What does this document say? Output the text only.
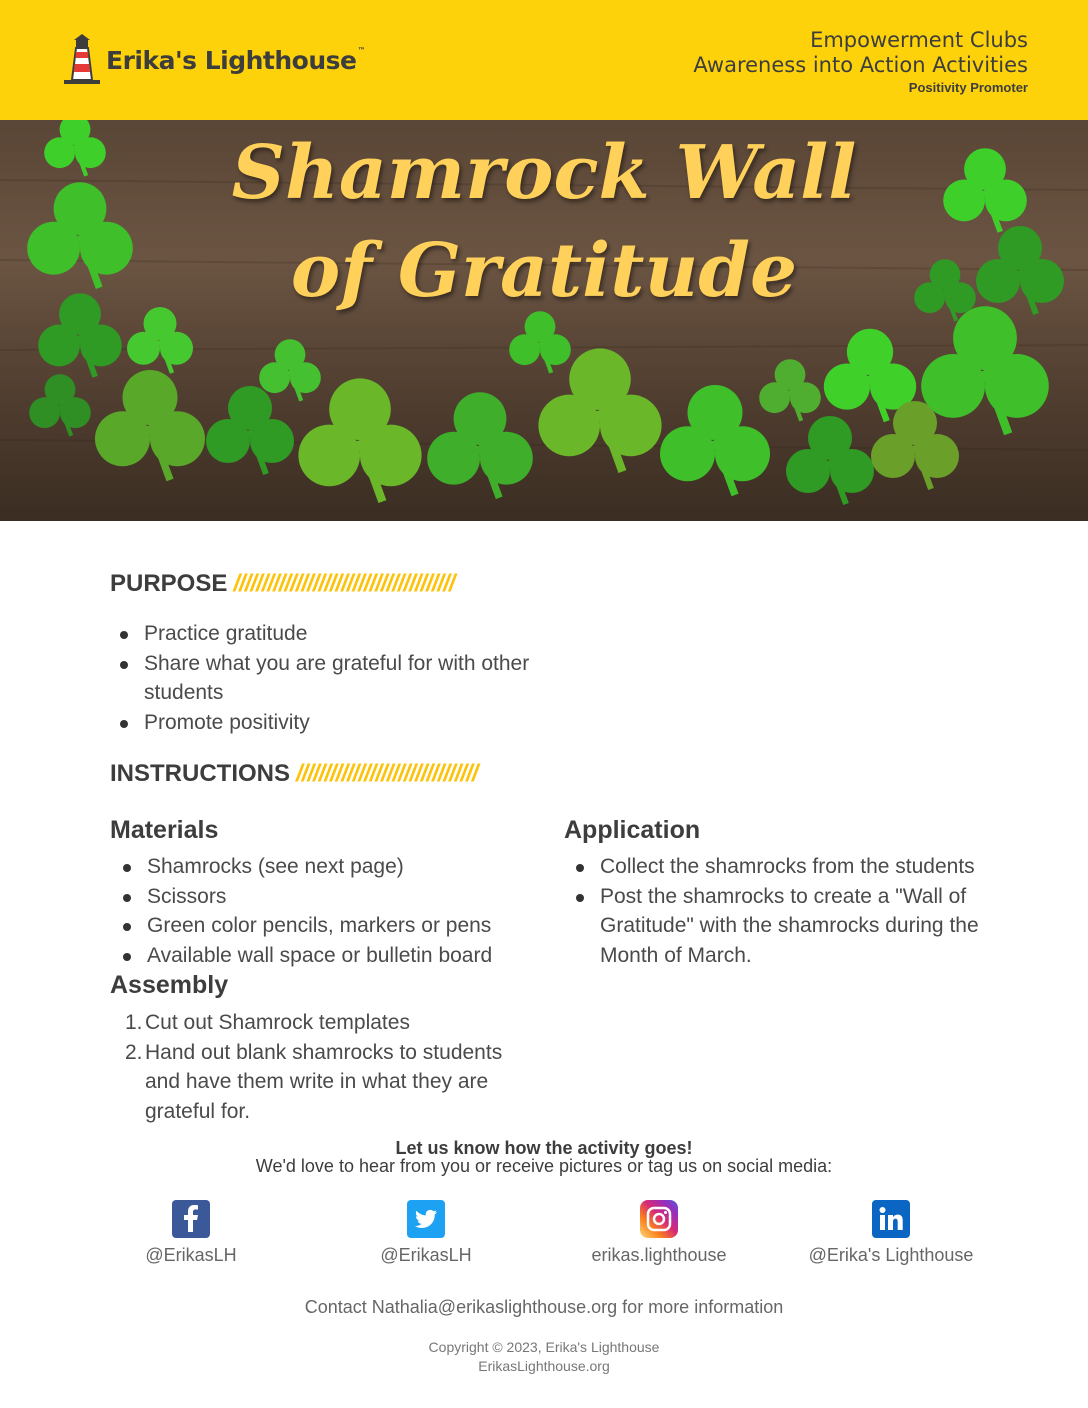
Erika's Lighthouse™	Empowerment Clubs
Awareness into Action Activities
Positivity Promoter
Shamrock Wall
of Gratitude
PURPOSE ///////////////////////////////////////
Practice gratitude
Share what you are grateful for with other students
Promote positivity
INSTRUCTIONS ////////////////////////////////
Materials
Shamrocks (see next page)
Scissors
Green color pencils, markers or pens
Available wall space or bulletin board
Assembly
1. Cut out Shamrock templates
2. Hand out blank shamrocks to students and have them write in what they are grateful for.
Application
Collect the shamrocks from the students
Post the shamrocks to create a "Wall of Gratitude" with the shamrocks during the Month of March.
Let us know how the activity goes!
We'd love to hear from you or receive pictures or tag us on social media:
@ErikasLH	@ErikasLH	erikas.lighthouse	@Erika's Lighthouse
Contact Nathalia@erikaslighthouse.org for more information
Copyright © 2023, Erika's Lighthouse
ErikasLighthouse.org
